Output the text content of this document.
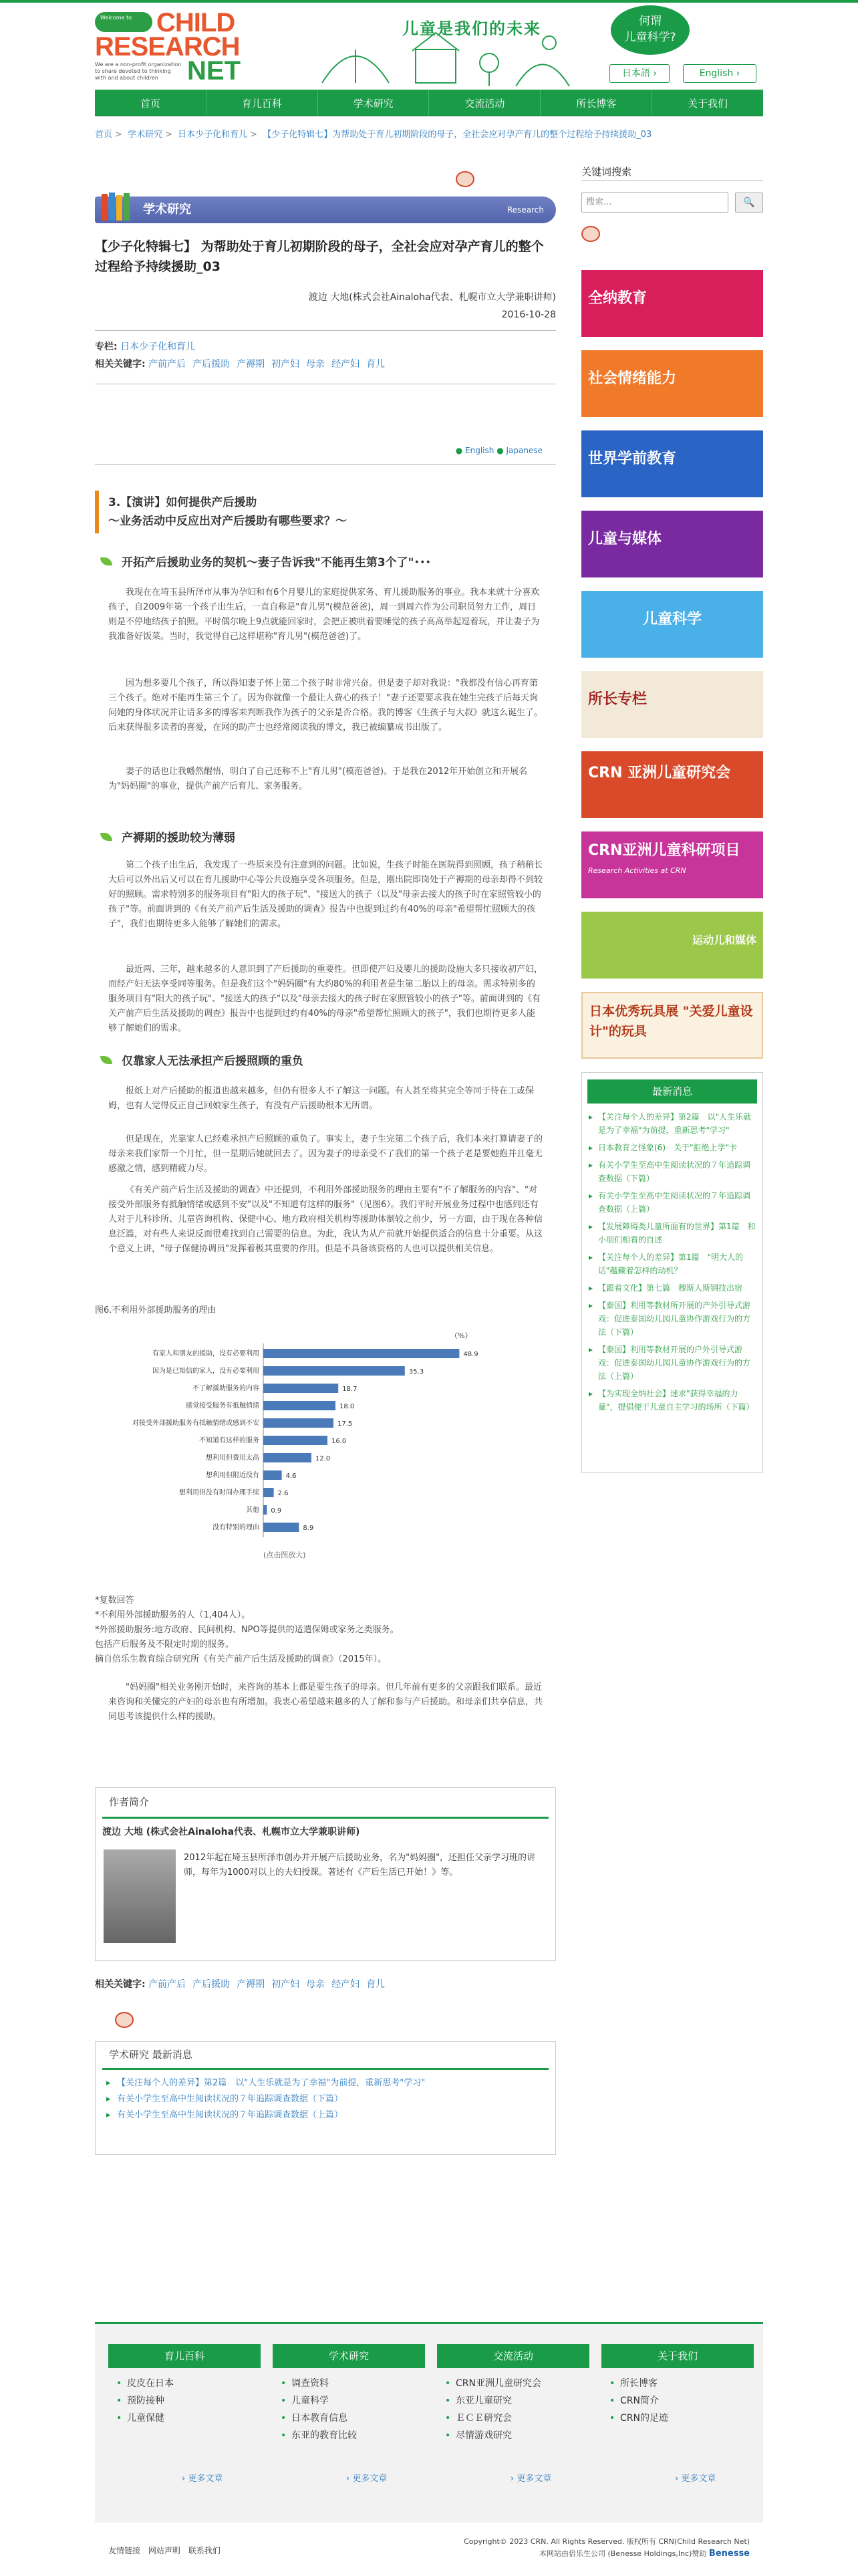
Welcome to CHILD
RESEARCH
We are a non-profit organization to share devoted to thinking with and about children	NET
儿童是我们的未来	何谓
儿童科学?
日本語 ›	English ›
首页	育儿百科	学术研究	交流活动	所长博客	关于我们
首页 > 学术研究 > 日本少子化和育儿 > 【少子化特辑七】为帮助处于育儿初期阶段的母子，全社会应对孕产育儿的整个过程给予持续援助_03
学术研究	Research
【少子化特辑七】 为帮助处于育儿初期阶段的母子，全社会应对孕产育儿的整个过程给予持续援助_03
渡边 大地(株式会社Ainaloha代表、札幌市立大学兼职讲师)
2016-10-28
专栏: 日本少子化和育儿
相关关键字: 产前产后 产后援助 产褥期 初产妇 母亲 经产妇 育儿
● English ● Japanese
3.【演讲】如何提供产后援助
～业务活动中反应出对产后援助有哪些要求？～
开拓产后援助业务的契机～妻子告诉我"不能再生第3个了"･･･
我现在在埼玉县所泽市从事为孕妇和有6个月婴儿的家庭提供家务、育儿援助服务的事业。我本来就十分喜欢孩子，自2009年第一个孩子出生后，一直自称是"育儿男"(模范爸爸)，周一到周六作为公司职员努力工作，周日则是不停地结孩子拍照。平时偶尔晚上9点就能回家时，会把正被哄着要睡觉的孩子高高举起逗着玩，并让妻子为我准备好饭菜。当时，我觉得自己这样堪称"育儿男"(模范爸爸)了。
因为想多要几个孩子，所以得知妻子怀上第二个孩子时非常兴奋。但是妻子却对我说："我都没有信心再育第三个孩子。绝对不能再生第三个了。因为你就像一个最让人费心的孩子！"妻子还要要求我在她生完孩子后每天询问她的身体状况并让请多多的博客来判断我作为孩子的父亲是否合格。我的博客《生孩子与大叔》就这么诞生了。后来获得很多读者的喜爱，在网的助产士也经常阅读我的博文，我已被编纂成书出版了。
妻子的话也让我幡然醒悟，明白了自己还称不上"育儿男"(模范爸爸)。于是我在2012年开始创立和开展名为"妈妈圈"的事业，提供产前产后育儿、家务服务。
产褥期的援助较为薄弱
第二个孩子出生后，我发现了一些原来没有注意到的问题。比如说，生孩子时能在医院得到照顾，孩子稍稍长大后可以外出后又可以在育儿援助中心等公共设施享受各项服务。但是，刚出院即岗处于产褥期的母亲却得不到较好的照顾。需求特别多的服务项目有"阳大的孩子玩"、"接送大的孩子（以及"母亲去接大的孩子时在家照管较小的孩子"等。前面讲到的《有关产前产后生活及援助的调查》报告中也提到过约有40%的母亲"希望帮忙照顾大的孩子"，我们也期待更多人能够了解她们的需求。
最近两、三年，越来越多的人意识到了产后援助的重要性。但即使产妇及婴儿的援助设施大多只接收初产妇，而经产妇无法享受同等服务。但是我们这个"妈妈圈"有大约80%的利用者是生第二胎以上的母亲。需求特别多的服务项目有"阳大的孩子玩"、"接送大的孩子"以及"母亲去接大的孩子时在家照管较小的孩子"等。前面讲到的《有关产前产后生活及援助的调查》报告中也提到过约有40%的母亲"希望帮忙照顾大的孩子"，我们也期待更多人能够了解她们的需求。
仅靠家人无法承担产后援照顾的重负
报纸上对产后援助的报道也越来越多，但仍有很多人不了解这一问题。有人甚至将其完全等同于待在工或保姆，也有人觉得反正自己回娘家生孩子，有没有产后援助根本无所谓。
但是现在，光靠家人已经难承担产后照顾的重负了。事实上，妻子生完第二个孩子后，我们本来打算请妻子的母亲来我们家帮一个月忙，但一星期后她就回去了。因为妻子的母亲受不了我们的第一个孩子老是要她抱并且毫无感激之情，感到精疲力尽。
《有关产前产后生活及援助的调查》中还提到，不利用外部援助服务的理由主要有"不了解服务的内容"、"对接受外部服务有抵触情绪或感到不安"以及"不知道有这样的服务"（见图6）。我们平时开展业务过程中也感到还有人对于儿科诊所、儿童咨询机构、保健中心、地方政府相关机构等援助体制较之前少，另一方面，由于现在各种信息泛滥，对有些人来说反而很难找到自己需要的信息。为此，我认为从产前就开始提供适合的信息十分重要。从这个意义上讲，"母子保健协调员"发挥着极其重要的作用。但是不具备该资格的人也可以提供相关信息。
图6.不利用外部援助服务的理由
（%）
有家人和朋友的援助，没有必要利用	48.9
因为是已知信的家人，没有必要利用	35.3
不了解援助服务的内容	18.7
感觉接受服务有抵触情绪	18.0
对接受外部援助服务有抵触情绪或感到不安	17.5
不知道有这样的服务	16.0
想利用但费用太高	12.0
想利用但附近没有	4.6
想利用但没有时间办理手续	2.6
其他 0.9
没有特别的理由	8.9
(点击图放大)
*复数回答
*不利用外部援助服务的人（1,404人）。
*外部援助服务:地方政府、民间机构、NPO等提供的适遣保姆或家务之类服务。
包括产后服务及不限定时期的服务。
摘自倍乐生教育综合研究所《有关产前产后生活及援助的调查》（2015年）。
"妈妈圈"相关业务刚开始时，来咨询的基本上都是要生孩子的母亲。但几年前有更多的父亲跟我们联系。最近来咨询和关懂完的产妇的母亲也有所增加。我衷心希望越来越多的人了解和参与产后援助。和母亲们共享信息，共同思考该提供什么样的援助。
作者简介
渡边 大地 (株式会社Ainaloha代表、札幌市立大学兼职讲师)
2012年起在埼玉县所泽市创办并开展产后援助业务，名为"妈妈圈"，还担任父亲学习班的讲师，每年为1000对以上的夫妇授课。著述有《产后生活已开始！》等。
相关关键字: 产前产后 产后援助 产褥期 初产妇 母亲 经产妇 育儿
学术研究 最新消息
▸ 【关注每个人的差异】第2篇　以"人生乐就是为了幸福"为前提，重新思考"学习"
▸ 有关小学生至高中生阅读状况的７年追踪调查数据（下篇）
▸ 有关小学生至高中生阅读状况的７年追踪调查数据（上篇）
关键词搜索
搜索...	🔍
全纳教育
社会情绪能力
世界学前教育
儿童与媒体
儿童科学
所长专栏
CRN 亚洲儿童研究会
CRN亚洲儿童科研项目
Research Activities at CRN
运动儿和媒体
日本优秀玩具展 "关爱儿童设计"的玩具
最新消息
▸ 【关注每个人的差异】第2篇　以"人生乐就是为了幸福"为前提，重新思考"学习"
▸ 日本教育之怪象(6)　关于"拒绝上学"卡
▸ 有关小学生至高中生阅读状况的７年追踪调查数据（下篇）
▸ 有关小学生至高中生阅读状况的７年追踪调查数据（上篇）
▸ 【发展障碍类儿童所面有的世界】第1篇　和小朋们相看的自述
▸ 【关注每个人的差异】第1篇　"明大人的话"蕴藏着怎样的动机？
▸ 【跟着文化】第七篇　穆斯人斯钢技出宿
▸ 【泰国】利用等教材所开展的产外引导式游戏：促进泰国幼儿园儿童协作游戏行为的方法（下篇）
▸ 【泰国】利用等教材开展的户外引导式游戏：促进泰国幼儿园儿童协作游戏行为的方法（上篇）
▸ 【为实现全纳社会】迷求"获得幸福的力量"，提倡便于儿童自主学习的场所（下篇）
育儿百科
• 皮皮在日本
• 预防接种
• 儿童保健
学术研究
• 调查资料
• 儿童科学
• 日本教育信息
• 东亚的教育比较
交流活动
• CRN亚洲儿童研究会
• 东亚儿童研究
• ＥＣＥ研究会
• 尽情游戏研究
关于我们
• 所长博客
• CRN简介
• CRN的足迹
› 更多文章	› 更多文章	› 更多文章	› 更多文章
友情链接 网站声明 联系我们
Copyright© 2023 CRN. All Rights Reserved. 版权所有 CRN(Child Research Net)
本网站由倍乐生公司 (Benesse Holdings,Inc)赞助 Benesse
